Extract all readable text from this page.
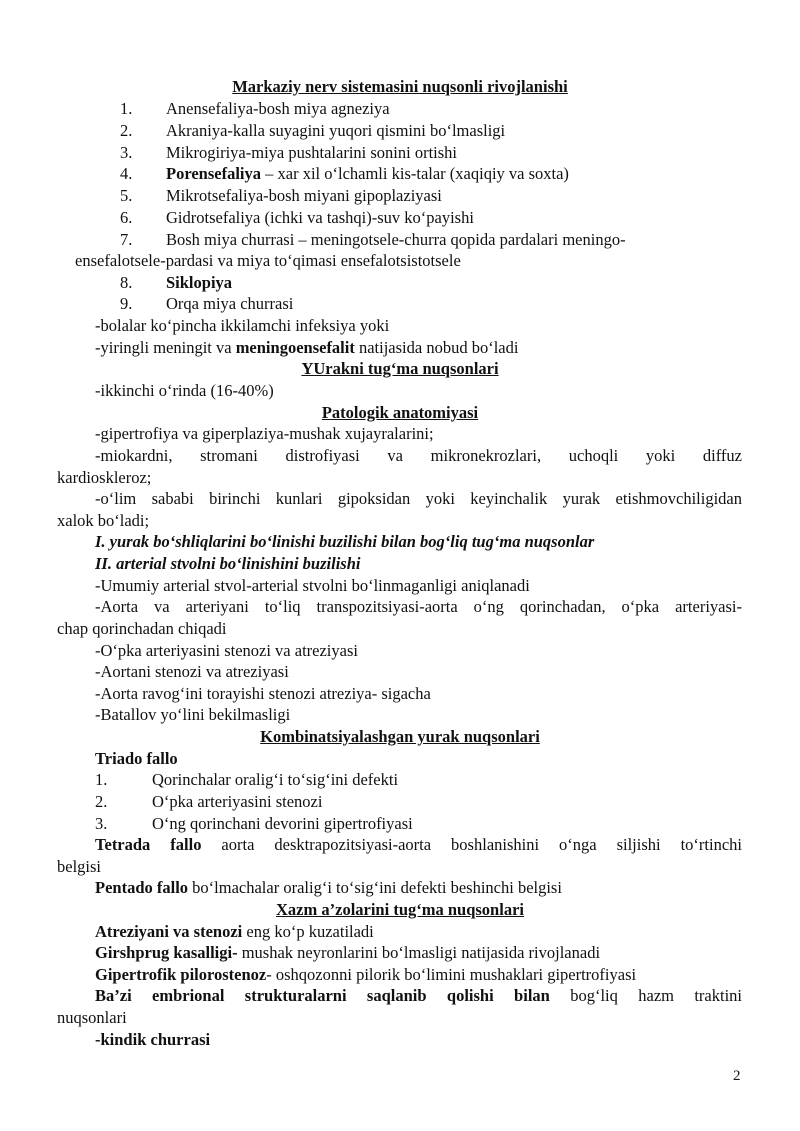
Markaziy nerv sistemasini nuqsonli rivojlanishi
1. Anensefaliya-bosh miya agneziya
2. Akraniya-kalla suyagini yuqori qismini bo‘lmasligi
3. Mikrogiriya-miya pushtalarini sonini ortishi
4. Porensefaliya – xar xil o‘lchamli kis-talar (xaqiqiy va soxta)
5. Mikrotsefaliya-bosh miyani gipoplaziyasi
6. Gidrotsefaliya (ichki va tashqi)-suv ko‘payishi
7. Bosh miya churrasi – meningotsele-churra qopida pardalari meningo-
ensefalotsele-pardasi va miya to‘qimasi ensefalotsistotsele
8. Siklopiya
9. Orqa miya churrasi
-bolalar ko‘pincha ikkilamchi infeksiya yoki
-yiringli meningit va meningoensefalit natijasida nobud bo‘ladi
YUrakni tug‘ma nuqsonlari
-ikkinchi o‘rinda (16-40%)
Patologik anatomiyasi
-gipertrofiya va giperplaziya-mushak xujayralarini;
-miokardni, stromani distrofiyasi va mikronekrozlari, uchoqli yoki diffuz
kardioskleroz;
-o‘lim sababi birinchi kunlari gipoksidan yoki keyinchalik yurak etishmovchiligidan
xalok bo‘ladi;
I. yurak bo‘shliqlarini bo‘linishi buzilishi bilan bog‘liq tug‘ma nuqsonlar
II. arterial stvolni bo‘linishini buzilishi
-Umumiy arterial stvol-arterial stvolni bo‘linmaganligi aniqlanadi
-Aorta va arteriyani to‘liq transpozitsiyasi-aorta o‘ng qorinchadan, o‘pka arteriyasi-
chap qorinchadan chiqadi
-O‘pka arteriyasini stenozi va atreziyasi
-Aortani stenozi va atreziyasi
-Aorta ravog‘ini torayishi stenozi atreziya- sigacha
-Batallov yo‘lini bekilmasligi
Kombinatsiyalashgan yurak nuqsonlari
Triado fallo
1.	Qorinchalar oralig‘i to‘sig‘ini defekti
2.	O‘pka arteriyasini stenozi
3.	O‘ng qorinchani devorini gipertrofiyasi
Tetrada fallo aorta desktrapozitsiyasi-aorta boshlanishini o‘nga siljishi to‘rtinchi
belgisi
Pentado fallo bo‘lmachalar oralig‘i to‘sig‘ini defekti beshinchi belgisi
Xazm a’zolarini tug‘ma nuqsonlari
Atreziyani va stenozi eng ko‘p kuzatiladi
Girshprug kasalligi- mushak neyronlarini bo‘lmasligi natijasida rivojlanadi
Gipertrofik pilorostenoz- oshqozonni pilorik bo‘limini mushaklari gipertrofiyasi
Ba’zi embrional strukturalarni saqlanib qolishi bilan bog‘liq hazm traktini
nuqsonlari
-kindik churrasi
2
